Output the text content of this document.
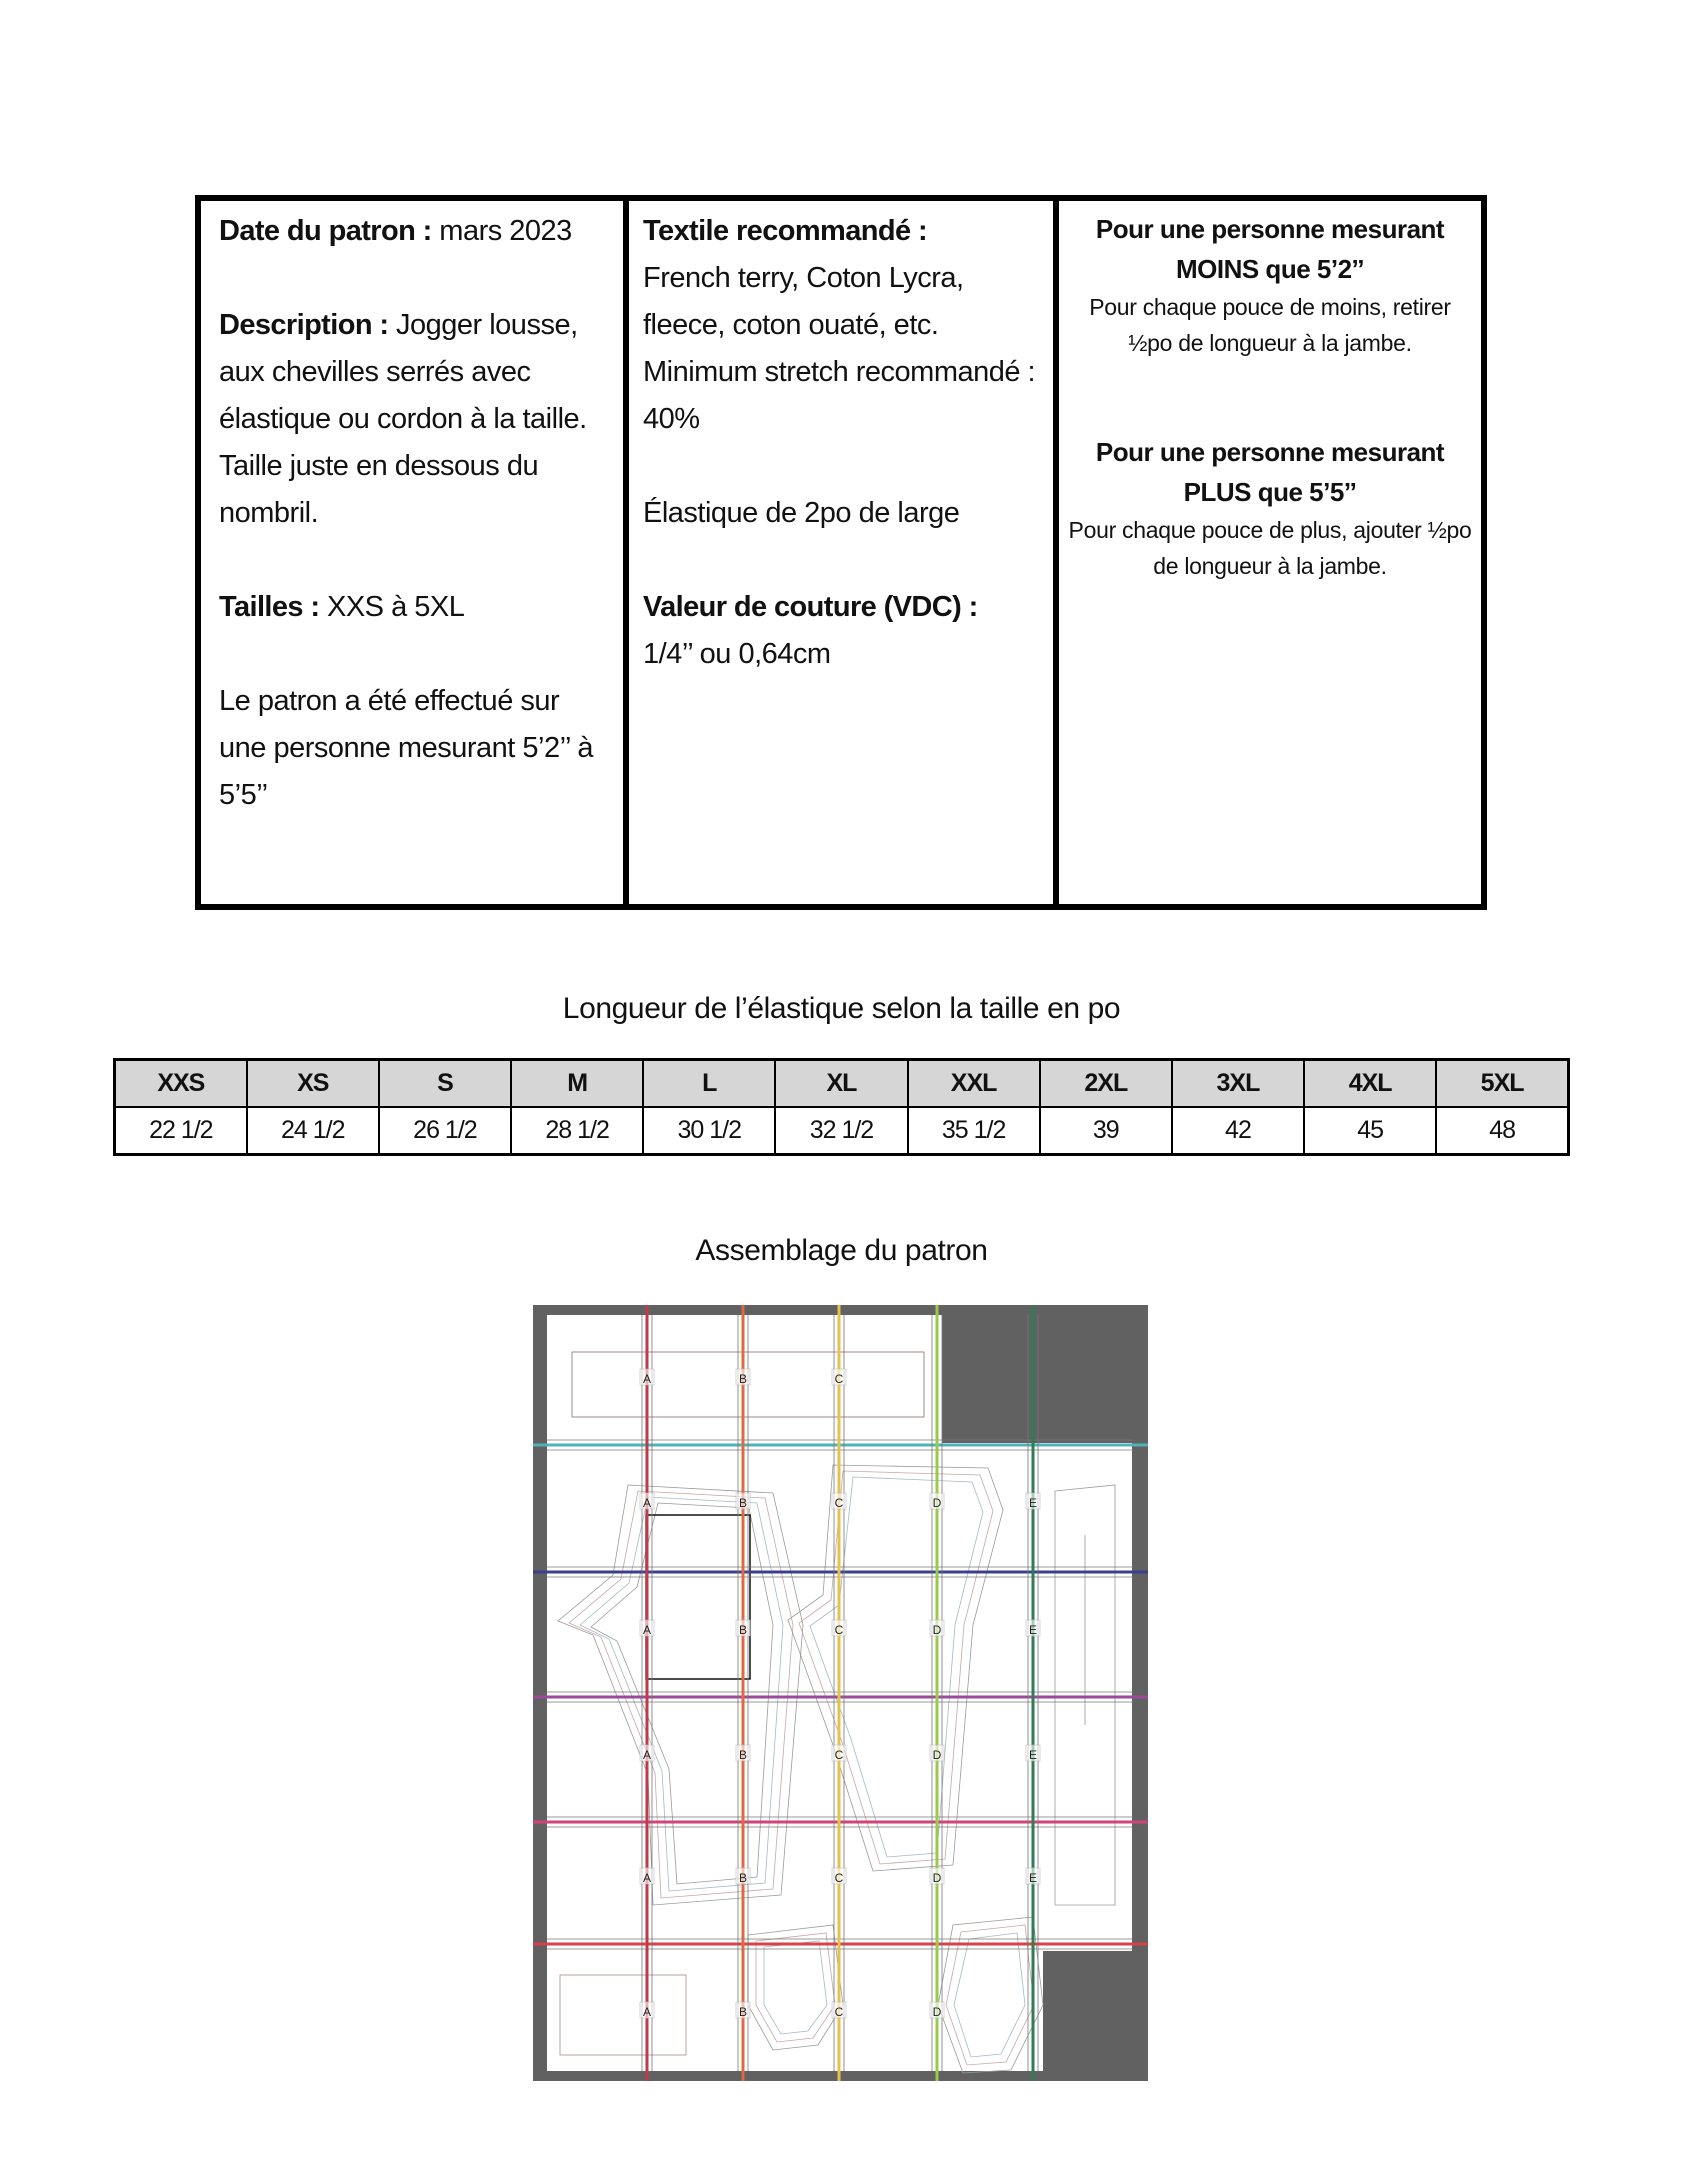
Date du patron : mars 2023

Description : Jogger lousse, aux chevilles serrés avec élastique ou cordon à la taille.

Taille juste en dessous du nombril.

Tailles : XXS à 5XL

Le patron a été effectué sur une personne mesurant 5’2’’ à 5’5’’

Textile recommandé :

French terry, Coton Lycra, fleece, coton ouaté, etc.

Minimum stretch recommandé : 40%

Élastique de 2po de large

Valeur de couture (VDC) :

1/4’’ ou 0,64cm

Pour une personne mesurant MOINS que 5’2’’

Pour chaque pouce de moins, retirer ½po de longueur à la jambe.

Pour une personne mesurant PLUS que 5’5’’

Pour chaque pouce de plus, ajouter ½po de longueur à la jambe.

Longueur de l’élastique selon la taille en po
XXS	XS	S	M	L	XL	XXL	2XL	3XL	4XL	5XL
22 1/2	24 1/2	26 1/2	28 1/2	30 1/2	32 1/2	35 1/2	39	42	45	48
Assemblage du patron
A
A
A
A
A
A
B
B
B
B
B
B
C
C
C
C
C
C
D
D
D
D
D
E
E
E
E
